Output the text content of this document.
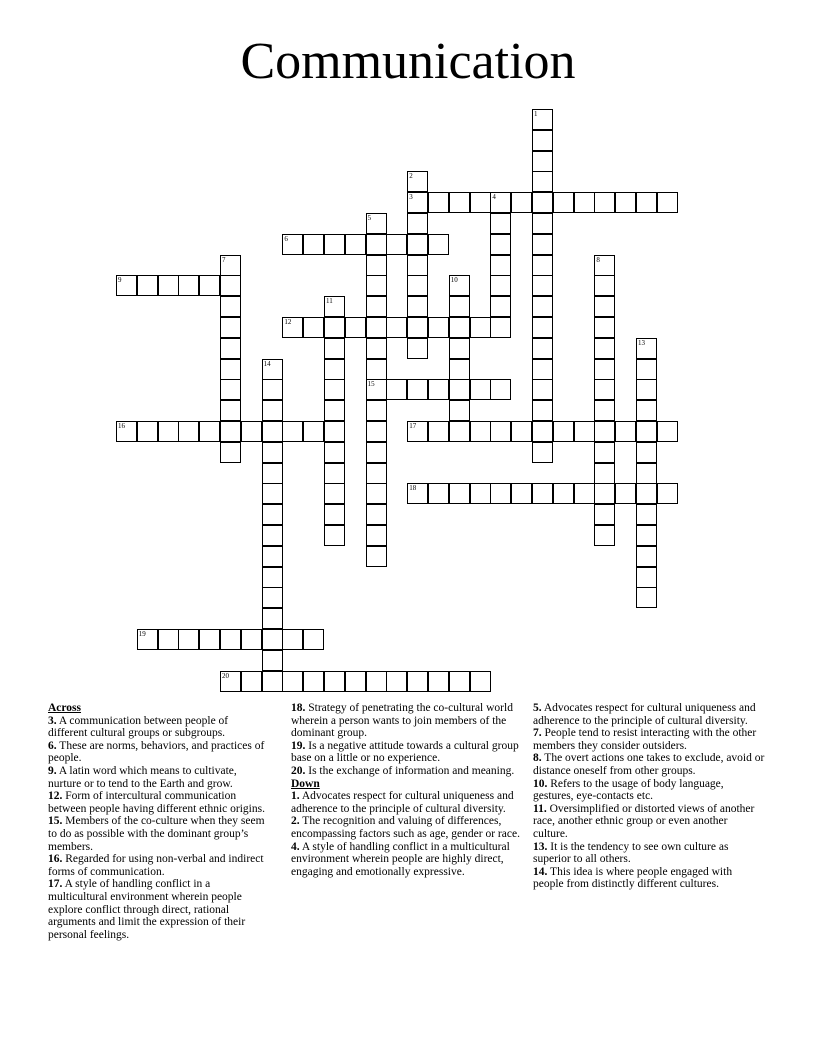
Communication
1
2
3	4
5
6
7	8
9	10
11
12
13
14
15
16	17
18
19
20

Across

3. A communication between people of different cultural groups or subgroups.

6. These are norms, behaviors, and practices of people.

9. A latin word which means to cultivate, nurture or to tend to the Earth and grow.

12. Form of intercultural communication between people having different ethnic origins.

15. Members of the co-culture when they seem to do as possible with the dominant group’s members.

16. Regarded for using non-verbal and indirect forms of communication.

17. A style of handling conflict in a multicultural environment wherein people explore conflict through direct, rational arguments and limit the expression of their personal feelings.

18. Strategy of penetrating the co-cultural world wherein a person wants to join members of the dominant group.

19. Is a negative attitude towards a cultural group base on a little or no experience.

20. Is the exchange of information and meaning.

Down

1. Advocates respect for cultural uniqueness and adherence to the principle of cultural diversity.

2. The recognition and valuing of differences, encompassing factors such as age, gender or race.

4. A style of handling conflict in a multicultural environment wherein people are highly direct, engaging and emotionally expressive.

5. Advocates respect for cultural uniqueness and adherence to the principle of cultural diversity.

7. People tend to resist interacting with the other members they consider outsiders.

8. The overt actions one takes to exclude, avoid or distance oneself from other groups.

10. Refers to the usage of body language, gestures, eye-contacts etc.

11. Oversimplified or distorted views of another race, another ethnic group or even another culture.

13. It is the tendency to see own culture as superior to all others.

14. This idea is where people engaged with people from distinctly different cultures.
